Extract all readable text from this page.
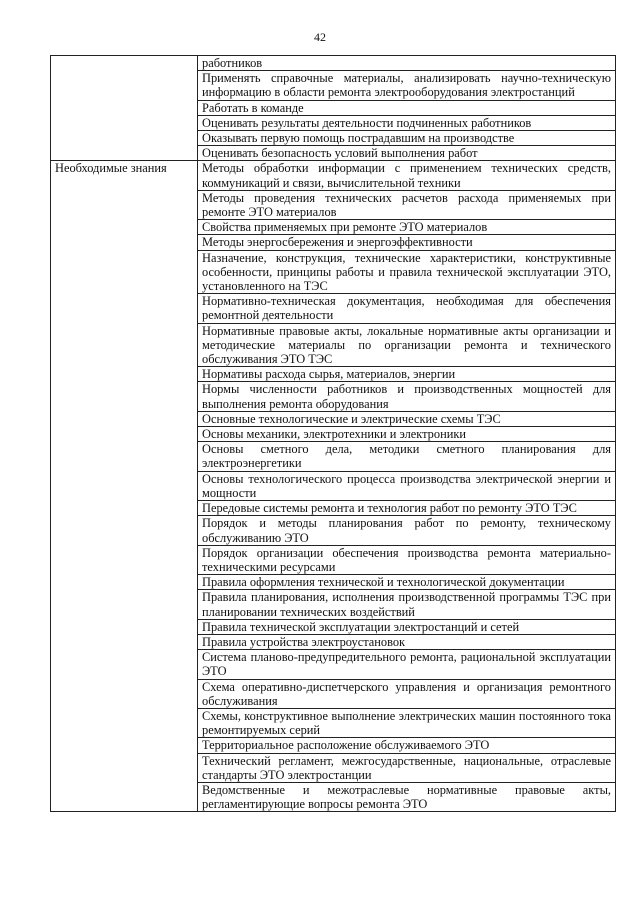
42
	работников
	Применять справочные материалы, анализировать научно-техническую информацию в области ремонта электрооборудования электростанций
	Работать в команде
	Оценивать результаты деятельности подчиненных работников
	Оказывать первую помощь пострадавшим на производстве
	Оценивать безопасность условий выполнения работ
Необходимые знания	Методы обработки информации с применением технических средств, коммуникаций и связи, вычислительной техники
	Методы проведения технических расчетов расхода применяемых при ремонте ЭТО материалов
	Свойства применяемых при ремонте ЭТО материалов
	Методы энергосбережения и энергоэффективности
	Назначение, конструкция, технические характеристики, конструктивные особенности, принципы работы и правила технической эксплуатации ЭТО, установленного на ТЭС
	Нормативно-техническая документация, необходимая для обеспечения ремонтной деятельности
	Нормативные правовые акты, локальные нормативные акты организации и методические материалы по организации ремонта и технического обслуживания ЭТО ТЭС
	Нормативы расхода сырья, материалов, энергии
	Нормы численности работников и производственных мощностей для выполнения ремонта оборудования
	Основные технологические и электрические схемы ТЭС
	Основы механики, электротехники и электроники
	Основы сметного дела, методики сметного планирования для электроэнергетики
	Основы технологического процесса производства электрической энергии и мощности
	Передовые системы ремонта и технология работ по ремонту ЭТО ТЭС
	Порядок и методы планирования работ по ремонту, техническому обслуживанию ЭТО
	Порядок организации обеспечения производства ремонта материально-техническими ресурсами
	Правила оформления технической и технологической документации
	Правила планирования, исполнения производственной программы ТЭС при планировании технических воздействий
	Правила технической эксплуатации электростанций и сетей
	Правила устройства электроустановок
	Система планово-предупредительного ремонта, рациональной эксплуатации ЭТО
	Схема оперативно-диспетчерского управления и организация ремонтного обслуживания
	Схемы, конструктивное выполнение электрических машин постоянного тока ремонтируемых серий
	Территориальное расположение обслуживаемого ЭТО
	Технический регламент, межгосударственные, национальные, отраслевые стандарты ЭТО электростанции
	Ведомственные и межотраслевые нормативные правовые акты, регламентирующие вопросы ремонта ЭТО
